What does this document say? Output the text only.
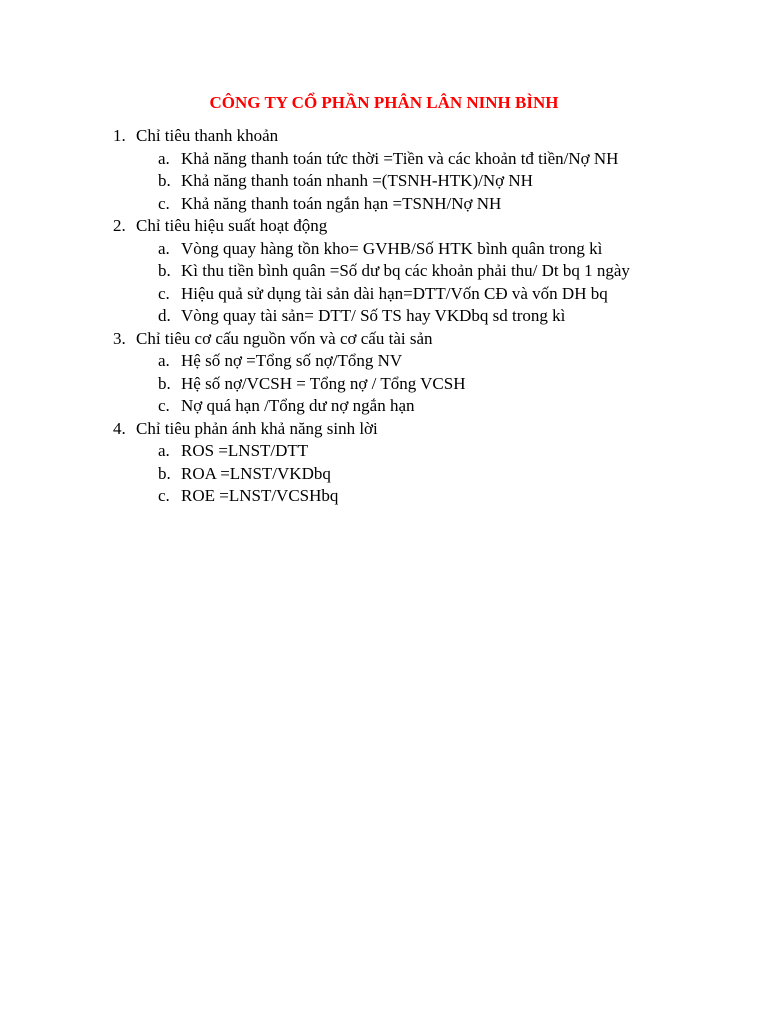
CÔNG TY CỔ PHẦN PHÂN LÂN NINH BÌNH
1. Chỉ tiêu thanh khoản
a. Khả năng thanh toán tức thời =Tiền và các khoản tđ tiền/Nợ NH
b. Khả năng thanh toán nhanh =(TSNH-HTK)/Nợ NH
c. Khả năng thanh toán ngắn hạn =TSNH/Nợ NH
2. Chỉ tiêu hiệu suất hoạt động
a. Vòng quay hàng tồn kho= GVHB/Số HTK bình quân trong kì
b. Kì thu tiền bình quân =Số dư bq các khoản phải thu/ Dt bq 1 ngày
c. Hiệu quả sử dụng tài sản dài hạn=DTT/Vốn CĐ và vốn DH bq
d. Vòng quay tài sản= DTT/ Số TS hay VKDbq sd trong kì
3. Chỉ tiêu cơ cấu nguồn vốn và cơ cấu tài sản
a. Hệ số nợ =Tổng số nợ/Tổng NV
b. Hệ số nợ/VCSH = Tổng nợ / Tổng VCSH
c. Nợ quá hạn /Tổng dư nợ ngắn hạn
4. Chỉ tiêu phản ánh khả năng sinh lời
a. ROS =LNST/DTT
b. ROA =LNST/VKDbq
c. ROE =LNST/VCSHbq
